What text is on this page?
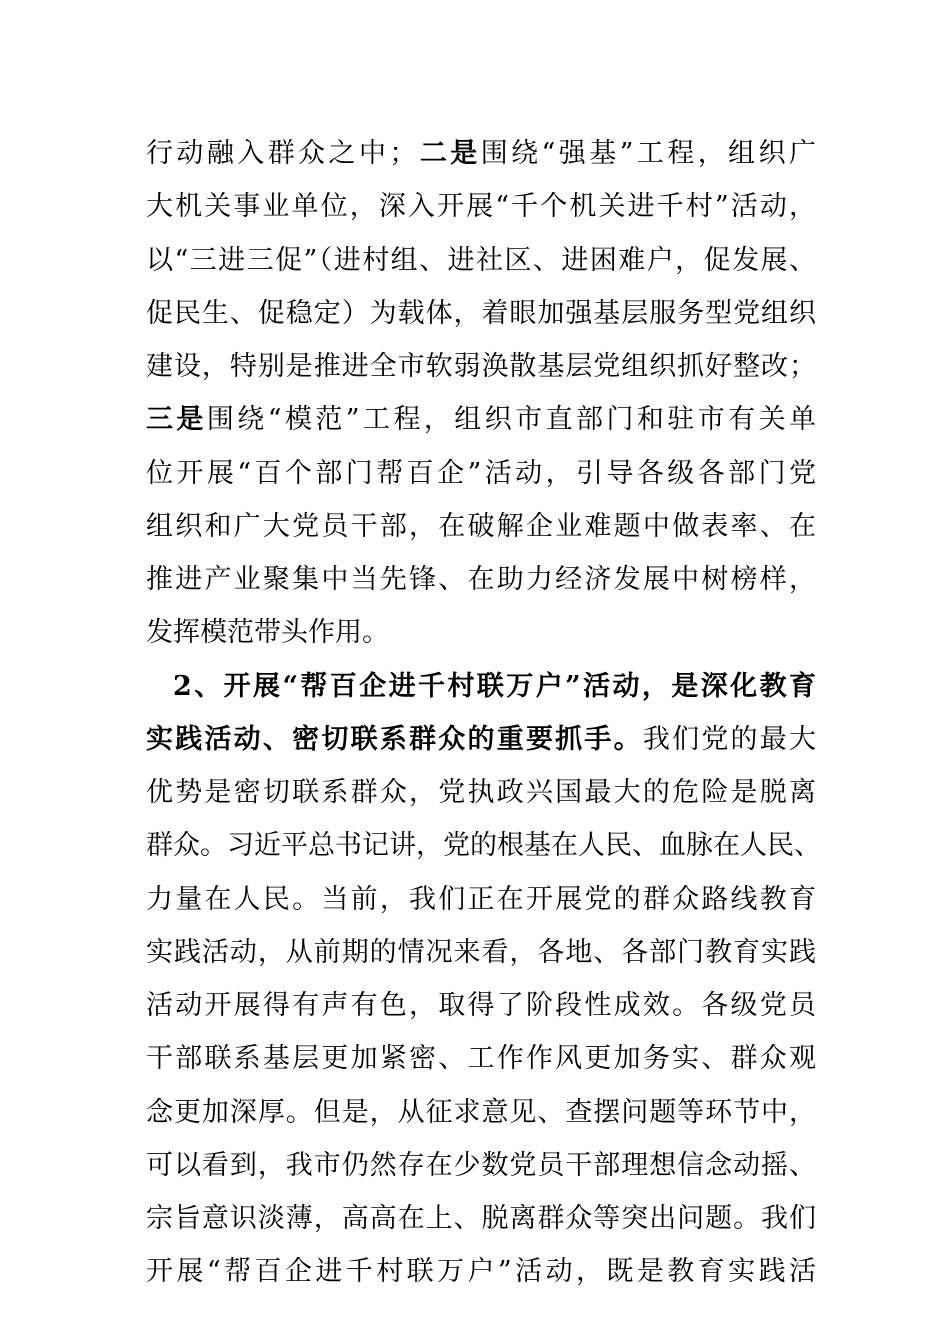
行动融入群众之中；二是围绕“强基”工程，组织广
大机关事业单位，深入开展“千个机关进千村”活动，
以“三进三促”（进村组、进社区、进困难户，促发展、
促民生、促稳定）为载体，着眼加强基层服务型党组织
建设，特别是推进全市软弱涣散基层党组织抓好整改；
三是围绕“模范”工程，组织市直部门和驻市有关单
位开展“百个部门帮百企”活动，引导各级各部门党
组织和广大党员干部，在破解企业难题中做表率、在
推进产业聚集中当先锋、在助力经济发展中树榜样，
发挥模范带头作用。
2、开展“帮百企进千村联万户”活动，是深化教育
实践活动、密切联系群众的重要抓手。我们党的最大
优势是密切联系群众，党执政兴国最大的危险是脱离
群众。习近平总书记讲，党的根基在人民、血脉在人民、
力量在人民。当前，我们正在开展党的群众路线教育
实践活动，从前期的情况来看，各地、各部门教育实践
活动开展得有声有色，取得了阶段性成效。各级党员
干部联系基层更加紧密、工作作风更加务实、群众观
念更加深厚。但是，从征求意见、查摆问题等环节中，
可以看到，我市仍然存在少数党员干部理想信念动摇、
宗旨意识淡薄，高高在上、脱离群众等突出问题。我们
开展“帮百企进千村联万户”活动，既是教育实践活
